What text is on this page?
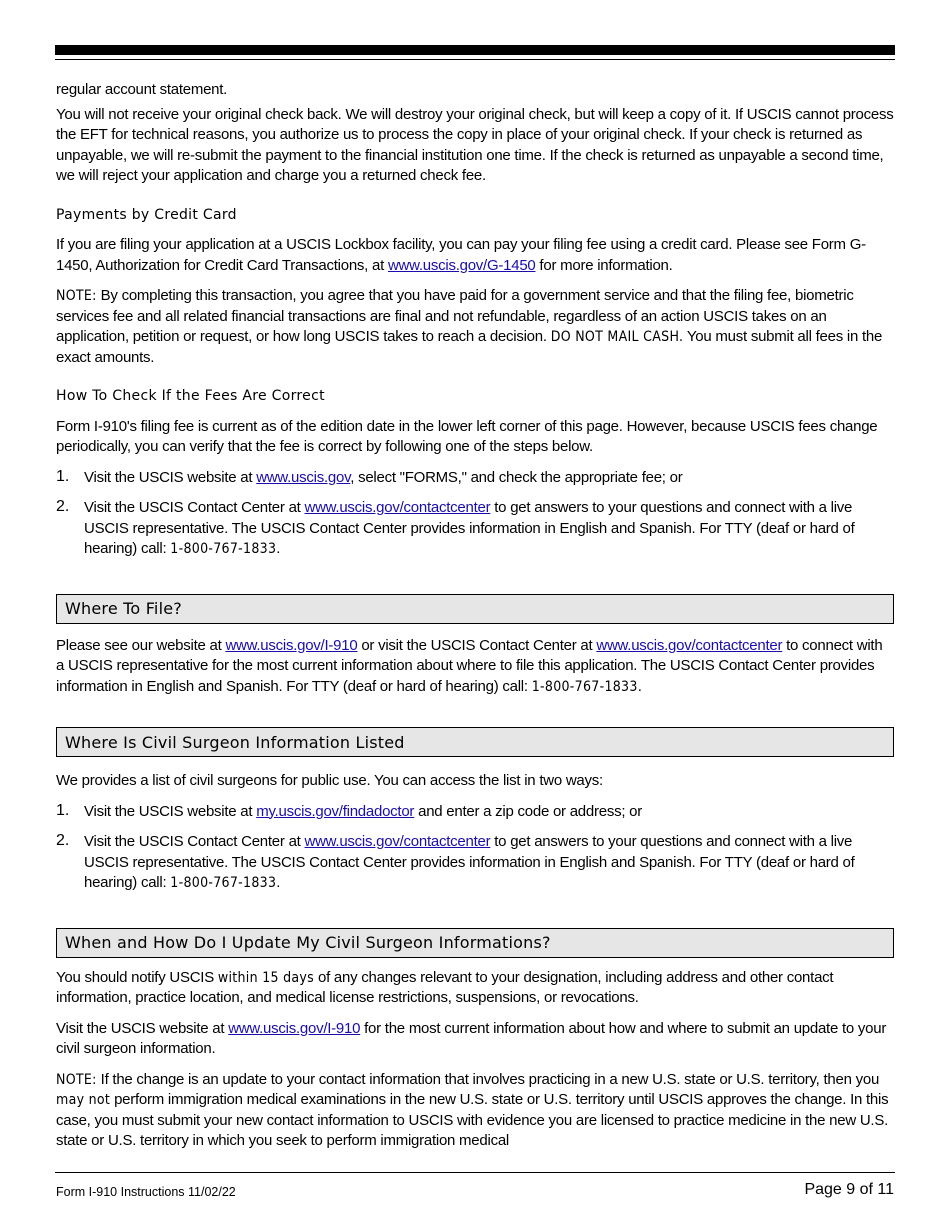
regular account statement.

You will not receive your original check back. We will destroy your original check, but will keep a copy of it. If USCIS cannot process the EFT for technical reasons, you authorize us to process the copy in place of your original check. If your check is returned as unpayable, we will re-submit the payment to the financial institution one time. If the check is returned as unpayable a second time, we will reject your application and charge you a returned check fee.

Payments by Credit Card

If you are filing your application at a USCIS Lockbox facility, you can pay your filing fee using a credit card. Please see Form G-1450, Authorization for Credit Card Transactions, at www.uscis.gov/G-1450 for more information.

NOTE: By completing this transaction, you agree that you have paid for a government service and that the filing fee, biometric services fee and all related financial transactions are final and not refundable, regardless of an action USCIS takes on an application, petition or request, or how long USCIS takes to reach a decision. DO NOT MAIL CASH. You must submit all fees in the exact amounts.

How To Check If the Fees Are Correct

Form I-910's filing fee is current as of the edition date in the lower left corner of this page. However, because USCIS fees change periodically, you can verify that the fee is correct by following one of the steps below.

1. Visit the USCIS website at www.uscis.gov, select "FORMS," and check the appropriate fee; or

2. Visit the USCIS Contact Center at www.uscis.gov/contactcenter to get answers to your questions and connect with a live USCIS representative. The USCIS Contact Center provides information in English and Spanish. For TTY (deaf or hard of hearing) call: 1-800-767-1833.

Where To File?

Please see our website at www.uscis.gov/I-910 or visit the USCIS Contact Center at www.uscis.gov/contactcenter to connect with a USCIS representative for the most current information about where to file this application. The USCIS Contact Center provides information in English and Spanish. For TTY (deaf or hard of hearing) call: 1-800-767-1833.

Where Is Civil Surgeon Information Listed

We provides a list of civil surgeons for public use. You can access the list in two ways:

1. Visit the USCIS website at my.uscis.gov/findadoctor and enter a zip code or address; or

2. Visit the USCIS Contact Center at www.uscis.gov/contactcenter to get answers to your questions and connect with a live USCIS representative. The USCIS Contact Center provides information in English and Spanish. For TTY (deaf or hard of hearing) call: 1-800-767-1833.

When and How Do I Update My Civil Surgeon Informations?

You should notify USCIS within 15 days of any changes relevant to your designation, including address and other contact information, practice location, and medical license restrictions, suspensions, or revocations.

Visit the USCIS website at www.uscis.gov/I-910 for the most current information about how and where to submit an update to your civil surgeon information.

NOTE: If the change is an update to your contact information that involves practicing in a new U.S. state or U.S. territory, then you may not perform immigration medical examinations in the new U.S. state or U.S. territory until USCIS approves the change. In this case, you must submit your new contact information to USCIS with evidence you are licensed to practice medicine in the new U.S. state or U.S. territory in which you seek to perform immigration medical

Form I-910 Instructions 11/02/22	Page 9 of 11
